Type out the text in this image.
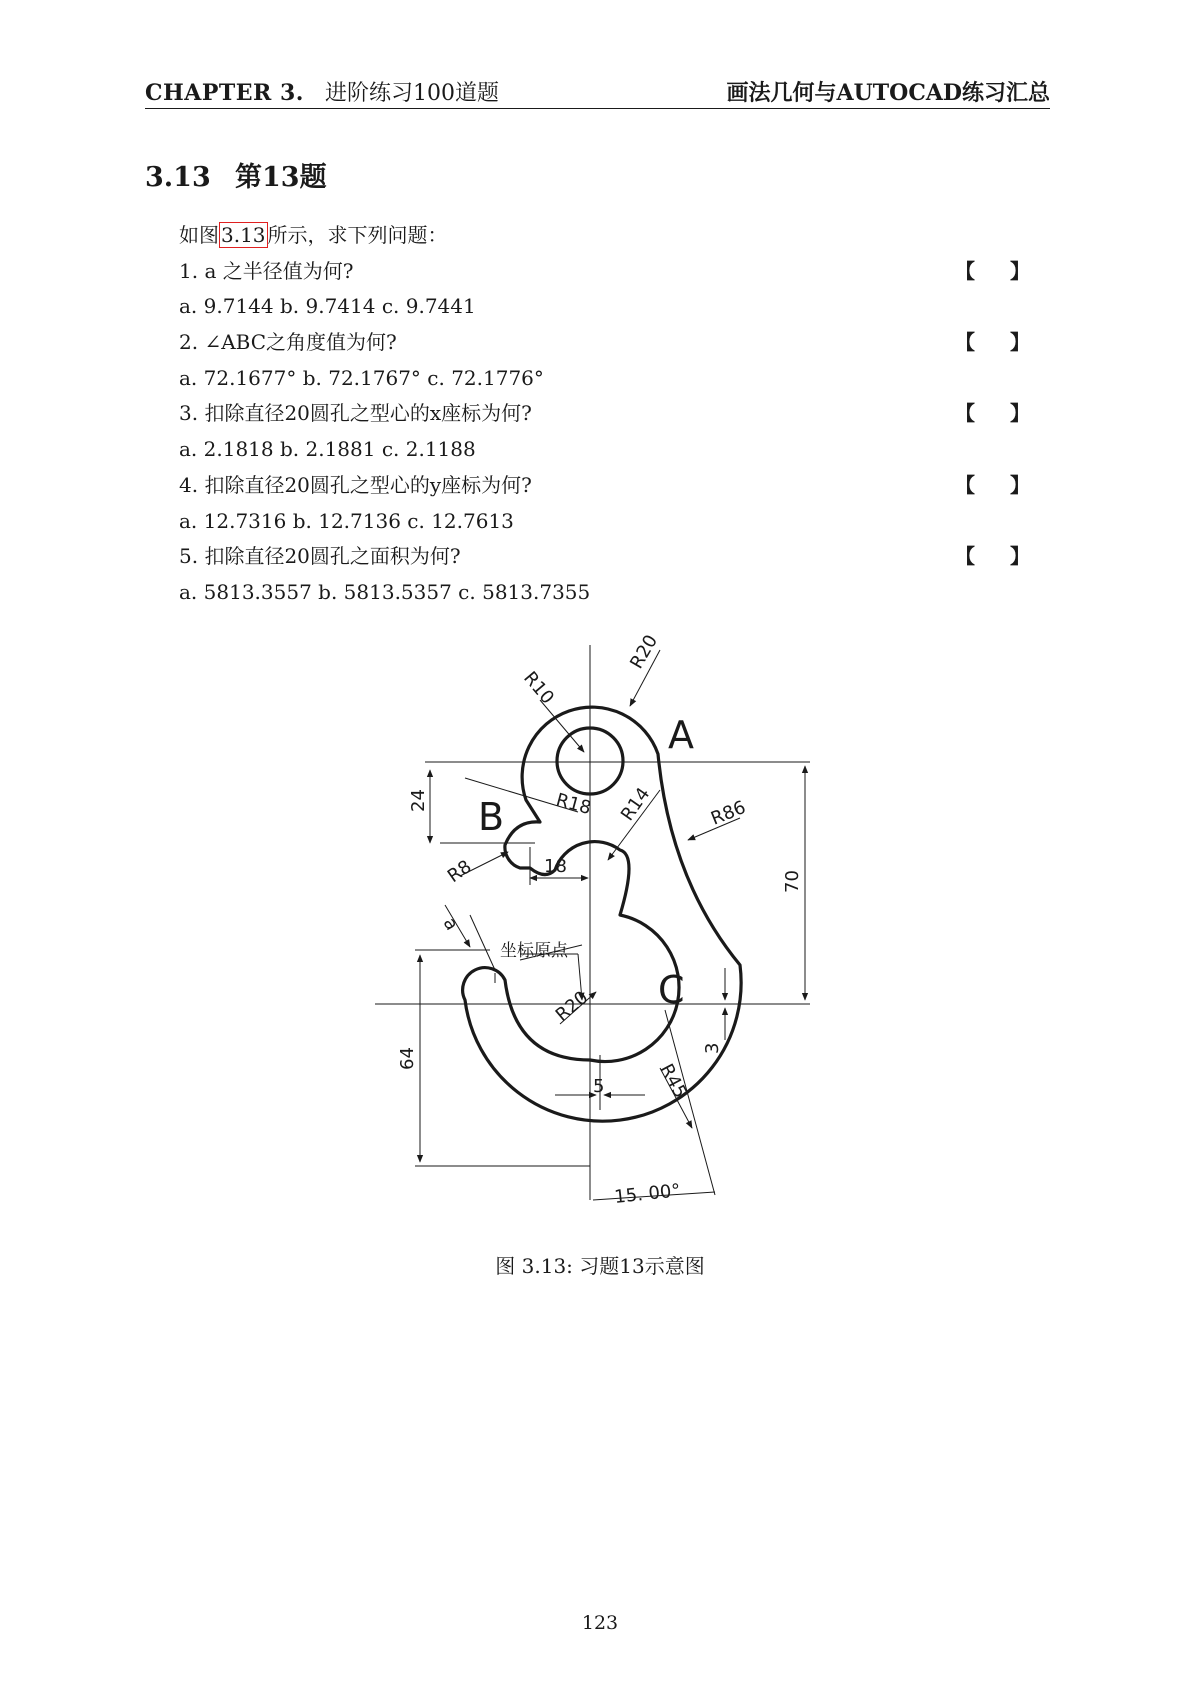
CHAPTER 3. 进阶练习100道题	画法几何与AUTOCAD练习汇总
3.13 第13题
如图 3.13 所示，求下列问题：
1. a 之半径值为何?	【 】
a. 9.7144 b. 9.7414 c. 9.7441
2. ∠ABC之角度值为何?	【 】
a. 72.1677° b. 72.1767° c. 72.1776°
3. 扣除直径20圆孔之型心的x座标为何?	【 】
a. 2.1818 b. 2.1881 c. 2.1188
4. 扣除直径20圆孔之型心的y座标为何?	【 】
a. 12.7316 b. 12.7136 c. 12.7613
5. 扣除直径20圆孔之面积为何?	【 】
a. 5813.3557 b. 5813.5357 c. 5813.7355
A
B
C
a
R10
R20
R18 R14	R86
R8
R20
R45
24
18
70
64	3
5
15. 00°
坐标原点
图 3.13: 习题13示意图
123
